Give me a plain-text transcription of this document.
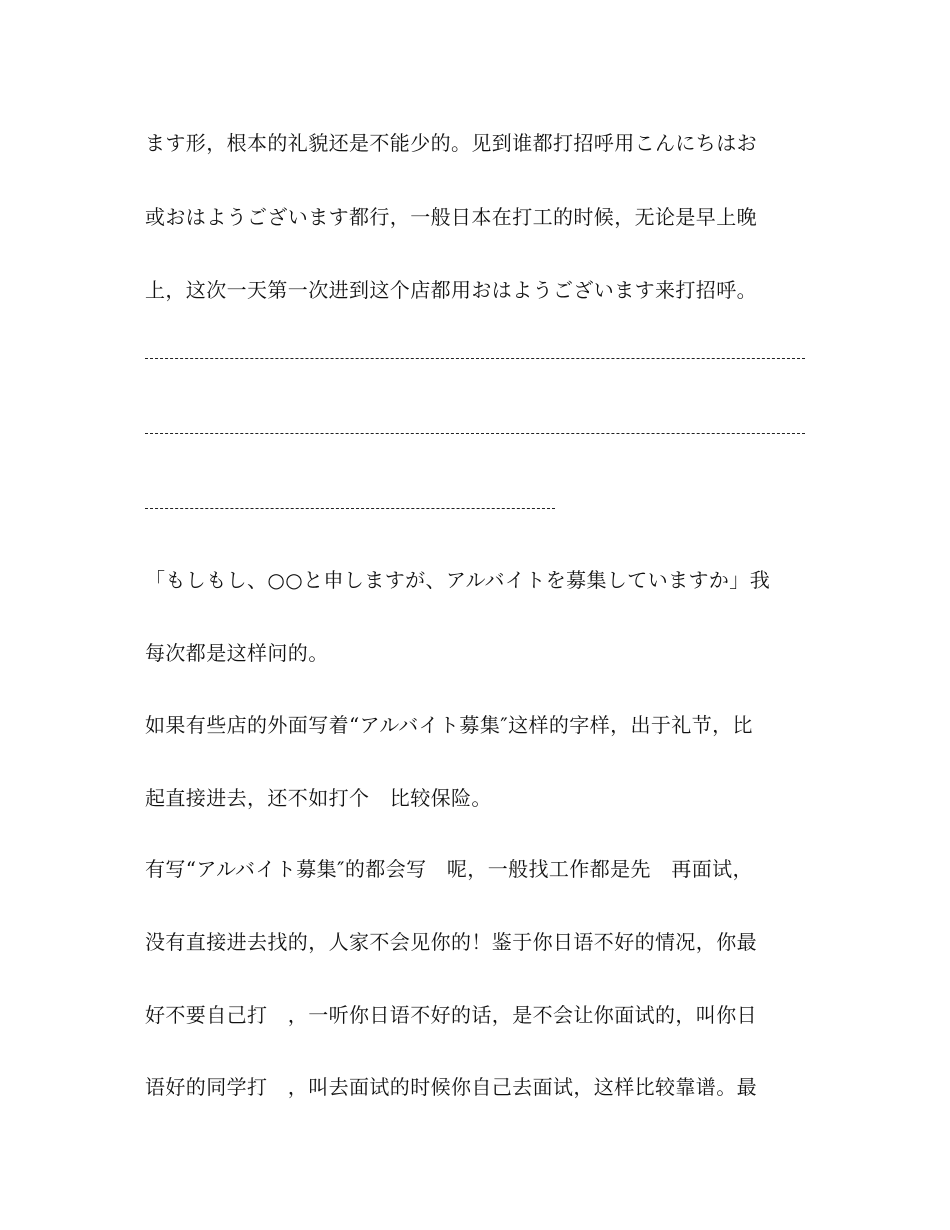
ます形，根本的礼貌还是不能少的。见到谁都打招呼用こんにちはお
或おはようございます都行，一般日本在打工的时候，无论是早上晚
上，这次一天第一次进到这个店都用おはようございます来打招呼。
「もしもし、○○と申しますが、アルバイトを募集していますか」我
每次都是这样问的。
如果有些店的外面写着“アルバイト募集″这样的字样，出于礼节，比
起直接进去，还不如打个　比较保险。
有写“アルバイト募集″的都会写　呢，一般找工作都是先　再面试，
没有直接进去找的，人家不会见你的！鉴于你日语不好的情况，你最
好不要自己打　，一听你日语不好的话，是不会让你面试的，叫你日
语好的同学打　，叫去面试的时候你自己去面试，这样比较靠谱。最
